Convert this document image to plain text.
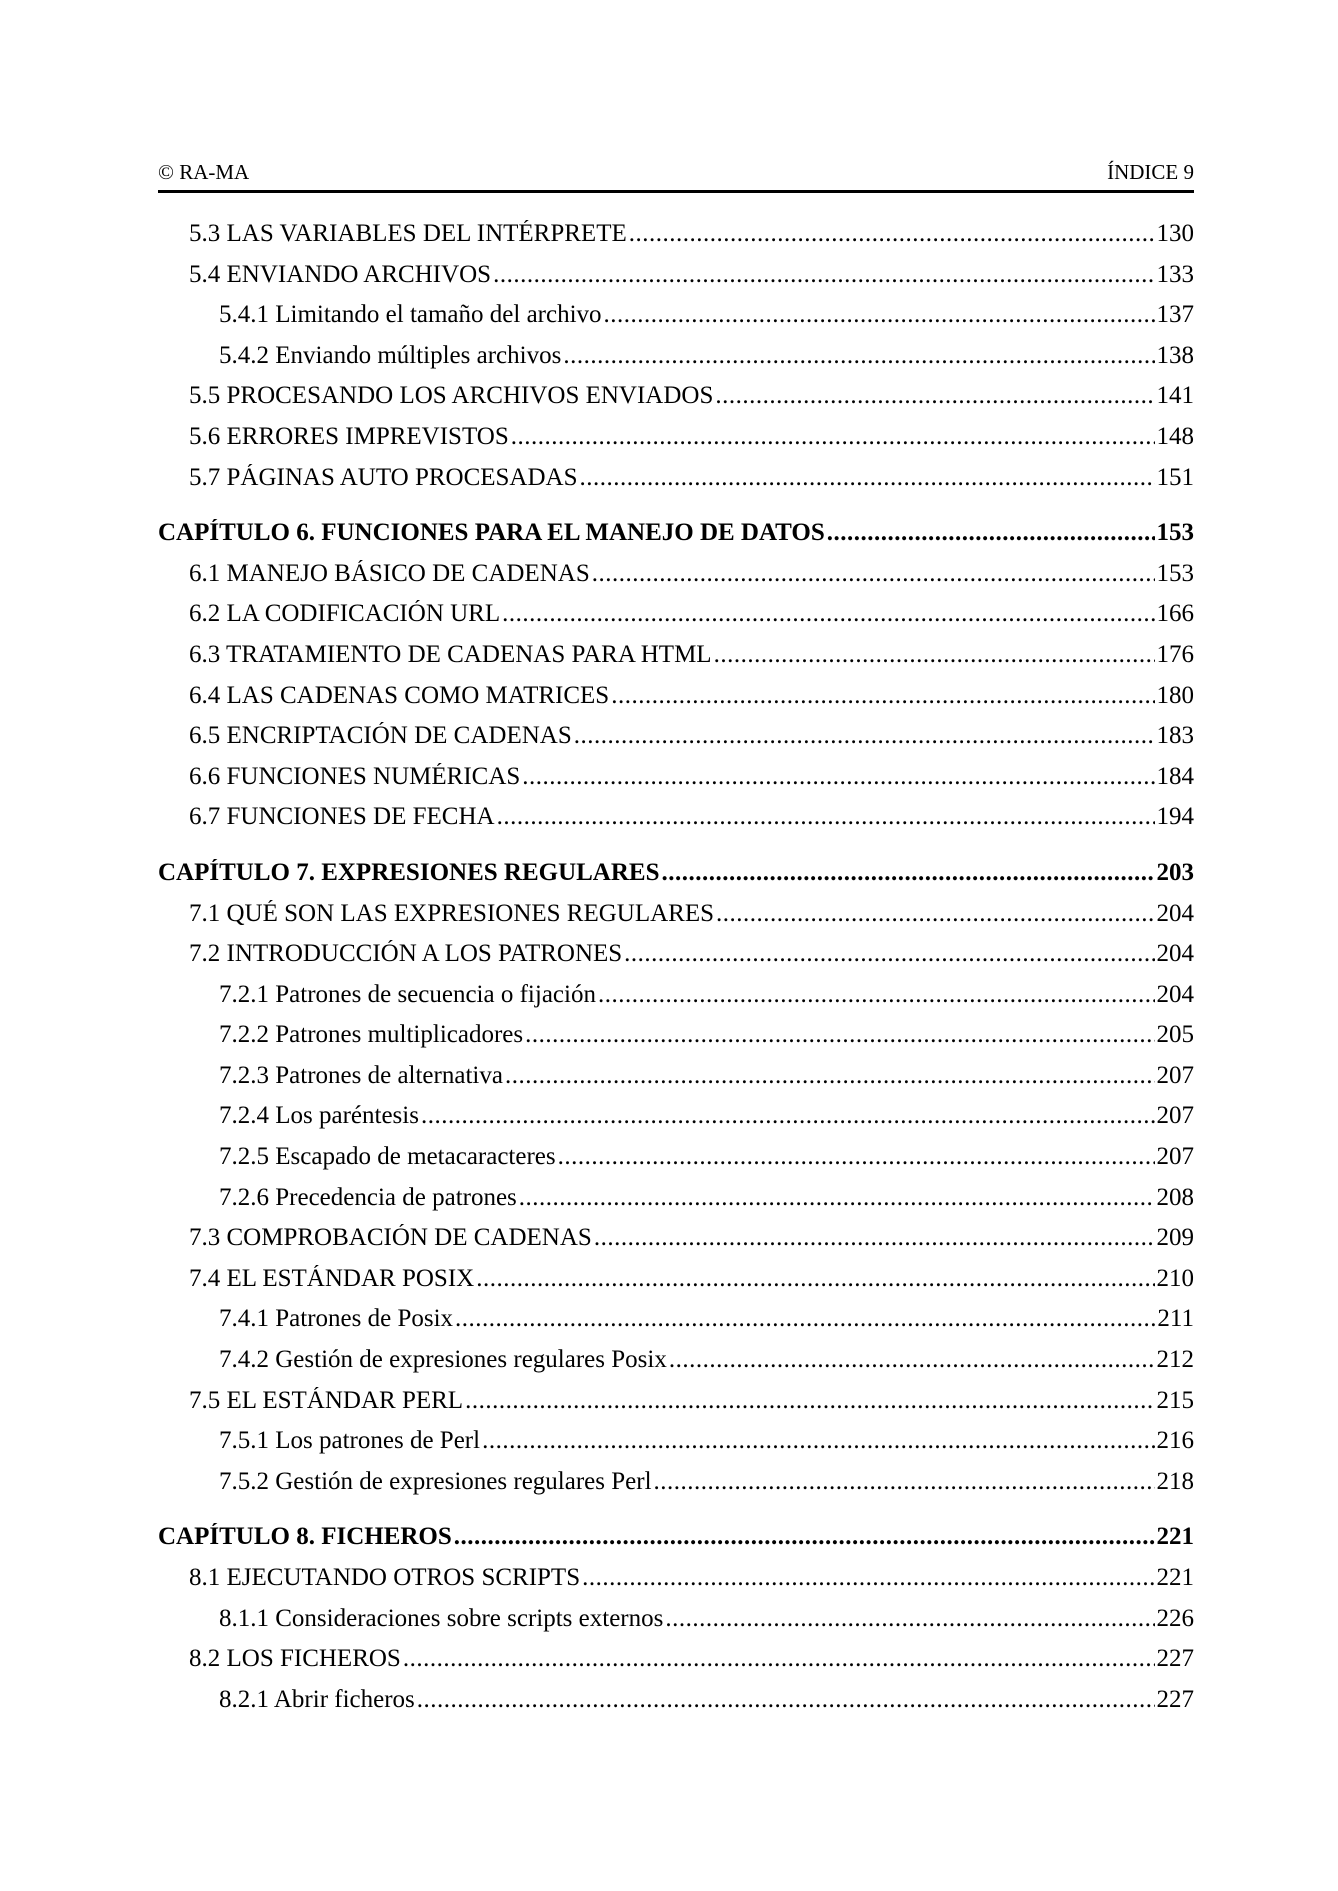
© RA-MA	ÍNDICE 9
5.3 LAS VARIABLES DEL INTÉRPRETE .....	130
5.4 ENVIANDO ARCHIVOS .....	133
5.4.1 Limitando el tamaño del archivo .....	137
5.4.2 Enviando múltiples archivos .....	138
5.5 PROCESANDO LOS ARCHIVOS ENVIADOS .....	141
5.6 ERRORES IMPREVISTOS .....	148
5.7 PÁGINAS AUTO PROCESADAS .....	151
CAPÍTULO 6. FUNCIONES PARA EL MANEJO DE DATOS .....	153
6.1 MANEJO BÁSICO DE CADENAS .....	153
6.2 LA CODIFICACIÓN URL .....	166
6.3 TRATAMIENTO DE CADENAS PARA HTML .....	176
6.4 LAS CADENAS COMO MATRICES .....	180
6.5 ENCRIPTACIÓN DE CADENAS .....	183
6.6 FUNCIONES NUMÉRICAS .....	184
6.7 FUNCIONES DE FECHA .....	194
CAPÍTULO 7. EXPRESIONES REGULARES .....	203
7.1 QUÉ SON LAS EXPRESIONES REGULARES .....	204
7.2 INTRODUCCIÓN A LOS PATRONES .....	204
7.2.1 Patrones de secuencia o fijación .....	204
7.2.2 Patrones multiplicadores .....	205
7.2.3 Patrones de alternativa .....	207
7.2.4 Los paréntesis .....	207
7.2.5 Escapado de metacaracteres .....	207
7.2.6 Precedencia de patrones .....	208
7.3 COMPROBACIÓN DE CADENAS .....	209
7.4 EL ESTÁNDAR POSIX .....	210
7.4.1 Patrones de Posix .....	211
7.4.2 Gestión de expresiones regulares Posix .....	212
7.5 EL ESTÁNDAR PERL .....	215
7.5.1 Los patrones de Perl .....	216
7.5.2 Gestión de expresiones regulares Perl .....	218
CAPÍTULO 8. FICHEROS .....	221
8.1 EJECUTANDO OTROS SCRIPTS .....	221
8.1.1 Consideraciones sobre scripts externos .....	226
8.2 LOS FICHEROS .....	227
8.2.1 Abrir ficheros .....	227
